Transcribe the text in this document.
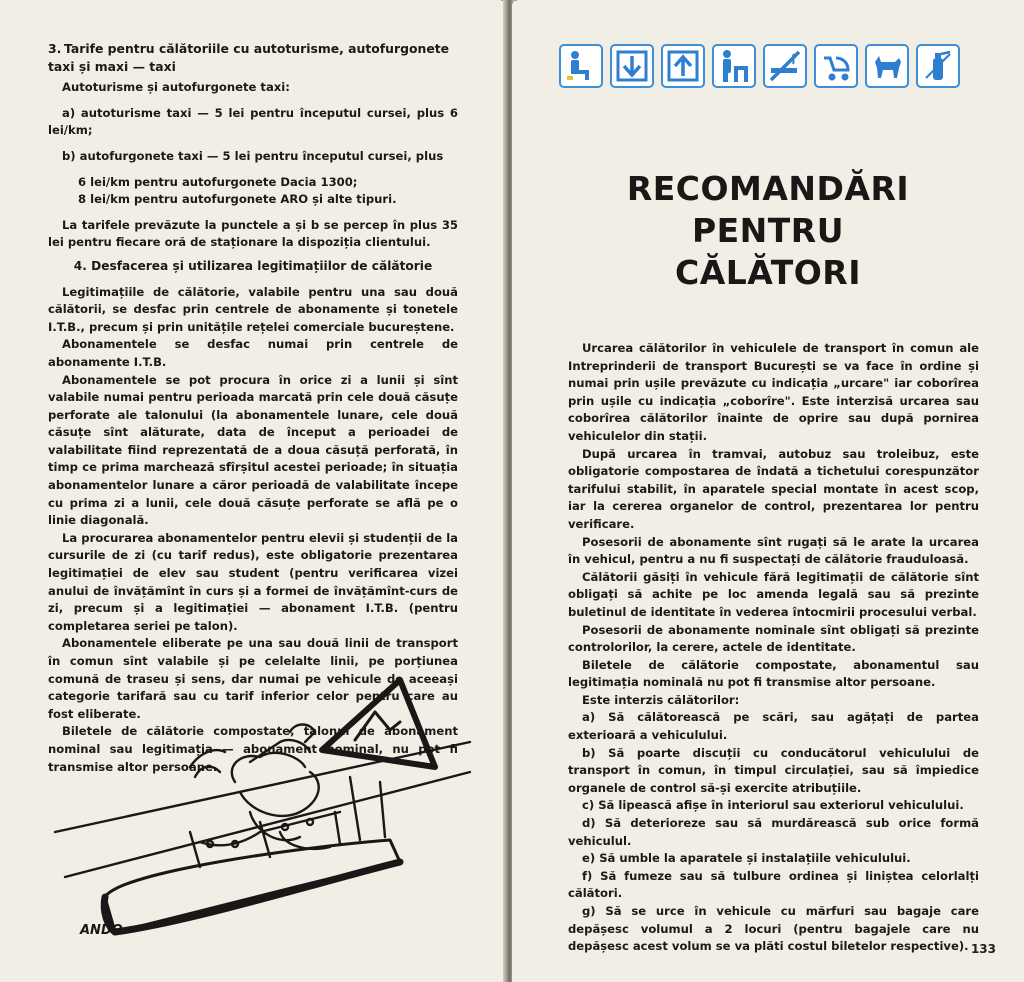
3. Tarife pentru călătoriile cu autoturisme, autofurgonete taxi și maxi — taxi

Autoturisme și autofurgonete taxi:

a) autoturisme taxi — 5 lei pentru începutul cursei, plus 6 lei/km;

b) autofurgonete taxi — 5 lei pentru începutul cursei, plus

6 lei/km pentru autofurgonete Dacia 1300;

8 lei/km pentru autofurgonete ARO și alte tipuri.

La tarifele prevăzute la punctele a și b se percep în plus 35 lei pentru fiecare oră de staționare la dispoziția clientului.

4. Desfacerea și utilizarea legitimațiilor de călătorie

Legitimațiile de călătorie, valabile pentru una sau două călătorii, se desfac prin centrele de abonamente și tonetele I.T.B., precum și prin unitățile rețelei comerciale bucureștene.

Abonamentele se desfac numai prin centrele de abonamente I.T.B.

Abonamentele se pot procura în orice zi a lunii și sînt valabile numai pentru perioada marcată prin cele două căsuțe perforate ale talonului (la abonamentele lunare, cele două căsuțe sînt alăturate, data de început a perioadei de valabilitate fiind reprezentată de a doua căsuță perforată, în timp ce prima marchează sfîrșitul acestei perioade; în situația abonamentelor lunare a căror perioadă de valabilitate începe cu prima zi a lunii, cele două căsuțe perforate se află pe o linie diagonală.

La procurarea abonamentelor pentru elevii și studenții de la cursurile de zi (cu tarif redus), este obligatorie prezentarea legitimației de elev sau student (pentru verificarea vizei anului de învățămînt în curs și a formei de învățămînt-curs de zi, precum și a legitimației — abonament I.T.B. (pentru completarea seriei pe talon).

Abonamentele eliberate pe una sau două linii de transport în comun sînt valabile și pe celelalte linii, pe porțiunea comună de traseu și sens, dar numai pe vehicule de aceeași categorie tarifară sau cu tarif inferior celor pentru care au fost eliberate.

Biletele de călătorie compostate, talonul de abonament nominal sau legitimația — abonament nominal, nu pot fi transmise altor persoane.

ANDO
RECOMANDĂRI
PENTRU
CĂLĂTORI

Urcarea călătorilor în vehiculele de transport în comun ale Intreprinderii de transport București se va face în ordine și numai prin ușile prevăzute cu indicația „urcare" iar coborîrea prin ușile cu indicația „coborîre". Este interzisă urcarea sau coborîrea călătorilor înainte de oprire sau după pornirea vehiculelor din stații.

După urcarea în tramvai, autobuz sau troleibuz, este obligatorie compostarea de îndată a tichetului corespunzător tarifului stabilit, în aparatele special montate în acest scop, iar la cererea organelor de control, prezentarea lor pentru verificare.

Posesorii de abonamente sînt rugați să le arate la urcarea în vehicul, pentru a nu fi suspectați de călătorie frauduloasă.

Călătorii găsiți în vehicule fără legitimații de călătorie sînt obligați să achite pe loc amenda legală sau să prezinte buletinul de identitate în vederea întocmirii procesului verbal.

Posesorii de abonamente nominale sînt obligați să prezinte controlorilor, la cerere, actele de identitate.

Biletele de călătorie compostate, abonamentul sau legitimația nominală nu pot fi transmise altor persoane.

Este interzis călătorilor:

a) Să călătorească pe scări, sau agățați de partea exterioară a vehiculului.

b) Să poarte discuții cu conducătorul vehiculului de transport în comun, în timpul circulației, sau să împiedice organele de control să-și exercite atribuțiile.

c) Să lipească afișe în interiorul sau exteriorul vehiculului.

d) Să deterioreze sau să murdărească sub orice formă vehiculul.

e) Să umble la aparatele și instalațiile vehiculului.

f) Să fumeze sau să tulbure ordinea și liniștea celorlalți călători.

g) Să se urce în vehicule cu mărfuri sau bagaje care depășesc volumul a 2 locuri (pentru bagajele care nu depășesc acest volum se va plăti costul biletelor respective). 133
